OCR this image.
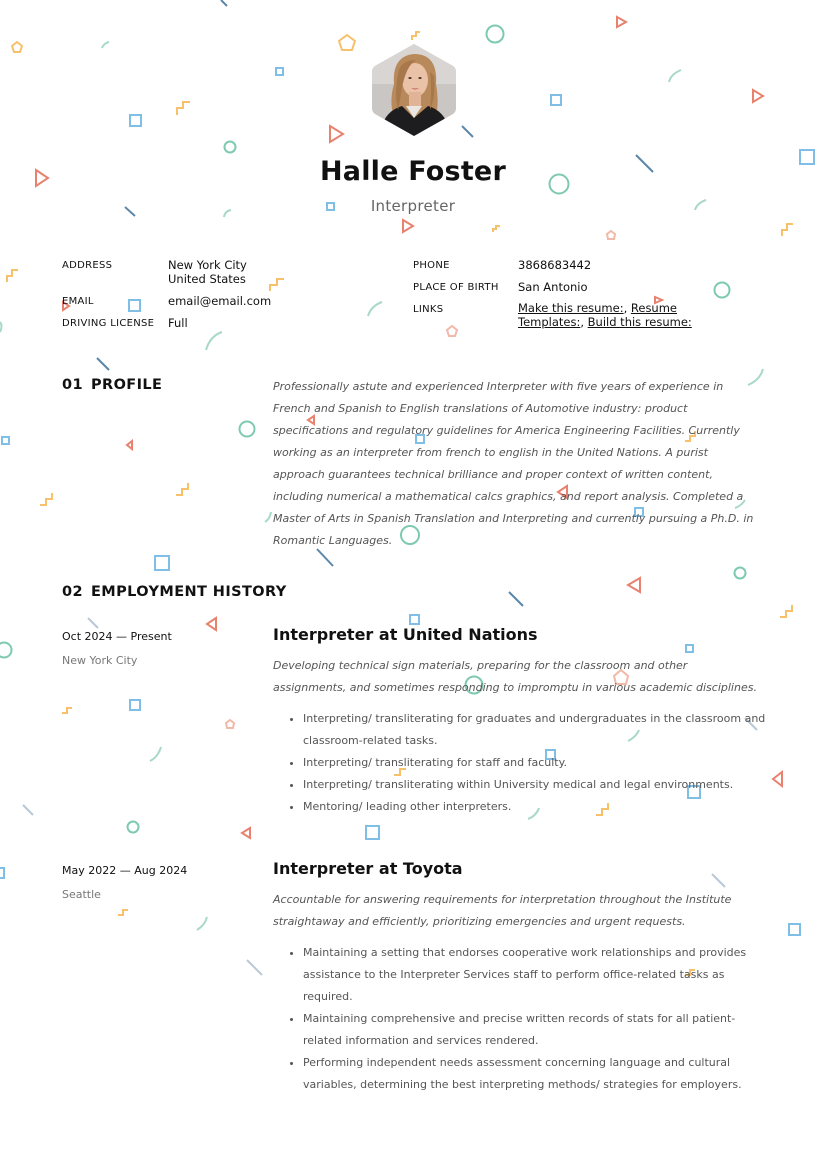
Halle Foster
Interpreter
ADDRESS	New York City
United States
EMAIL	email@email.com
DRIVING LICENSE Full
PHONE	3868683442
PLACE OF BIRTH San Antonio
LINKS	Make this resume:, Resume
Templates:, Build this resume:
01 PROFILE	Professionally astute and experienced Interpreter with five years of experience in French and Spanish to English translations of Automotive industry: product specifications and regulatory guidelines for America Engineering Facilities. Currently working as an interpreter from french to english in the United Nations. A purist approach guarantees technical brilliance and proper context of written content, including numerical a mathematical calcs graphics, and report analysis. Completed a Master of Arts in Spanish Translation and Interpreting and currently pursuing a Ph.D. in Romantic Languages.
02 EMPLOYMENT HISTORY
Oct 2024 — Present
New York City
Interpreter at United Nations
Developing technical sign materials, preparing for the classroom and other assignments, and sometimes responding to impromptu in various academic disciplines.
• Interpreting/ transliterating for graduates and undergraduates in the classroom and classroom-related tasks.
• Interpreting/ transliterating for staff and faculty.
• Interpreting/ transliterating within University medical and legal environments.
• Mentoring/ leading other interpreters.
May 2022 — Aug 2024
Seattle
Interpreter at Toyota
Accountable for answering requirements for interpretation throughout the Institute straightaway and efficiently, prioritizing emergencies and urgent requests.
• Maintaining a setting that endorses cooperative work relationships and provides assistance to the Interpreter Services staff to perform office-related tasks as required.
• Maintaining comprehensive and precise written records of stats for all patient-related information and services rendered.
• Performing independent needs assessment concerning language and cultural variables, determining the best interpreting methods/ strategies for employers.
